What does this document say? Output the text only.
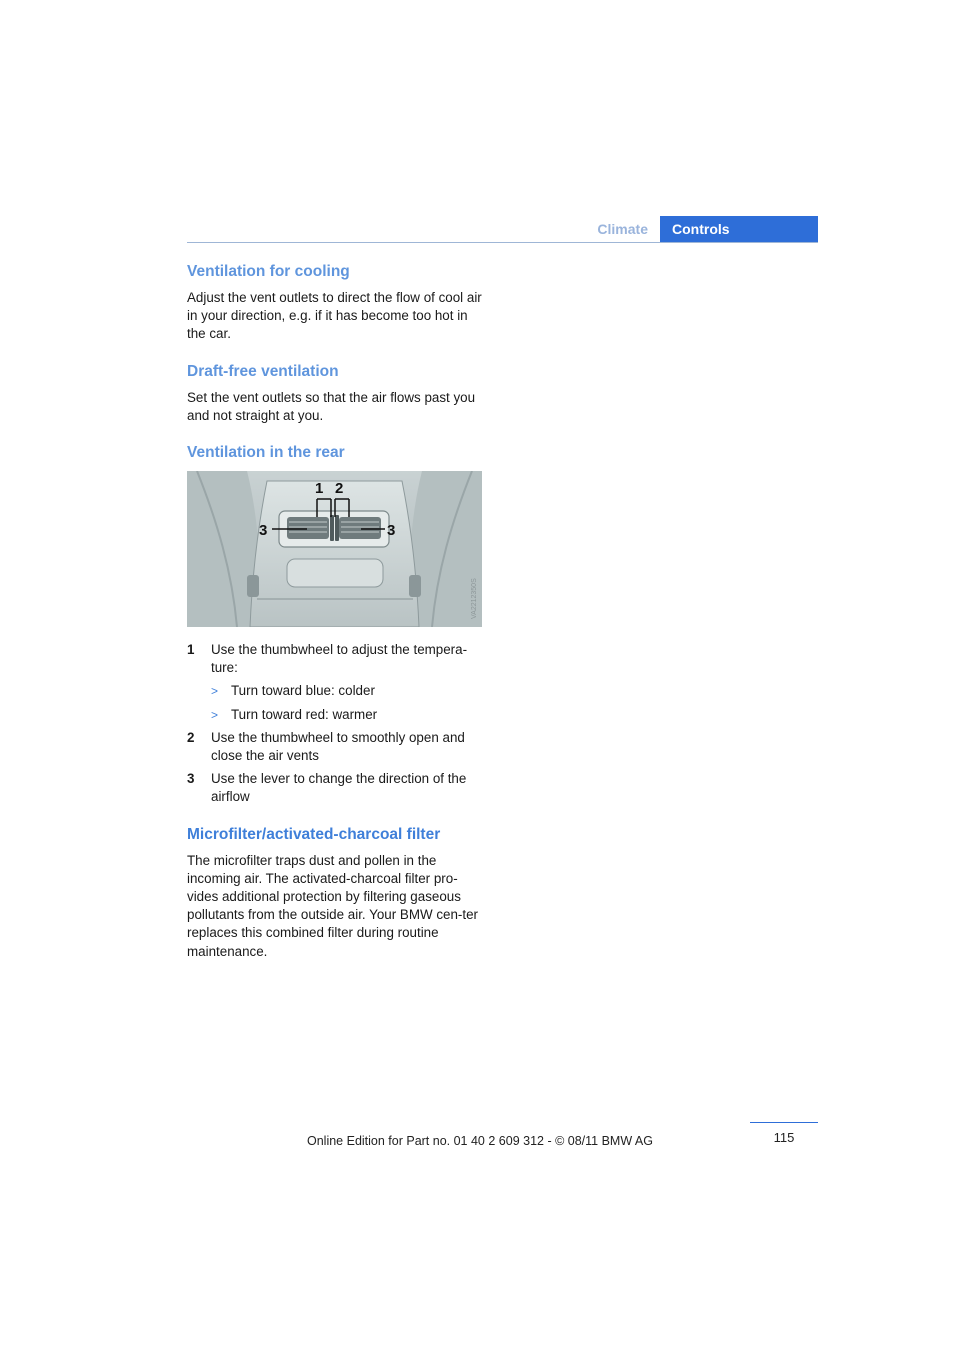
Climate	Controls
Ventilation for cooling

Adjust the vent outlets to direct the flow of cool air in your direction, e.g. if it has become too hot in the car.

Draft-free ventilation

Set the vent outlets so that the air flows past you and not straight at you.

Ventilation in the rear
1 2
3	3
VA2212350S
1 Use the thumbwheel to adjust the tempera-ture:
> Turn toward blue: colder
> Turn toward red: warmer
2 Use the thumbwheel to smoothly open and close the air vents
3 Use the lever to change the direction of the airflow
Microfilter/activated-charcoal filter

The microfilter traps dust and pollen in the incoming air. The activated-charcoal filter pro-vides additional protection by filtering gaseous pollutants from the outside air. Your BMW cen-ter replaces this combined filter during routine maintenance.

115
Online Edition for Part no. 01 40 2 609 312 - © 08/11 BMW AG
